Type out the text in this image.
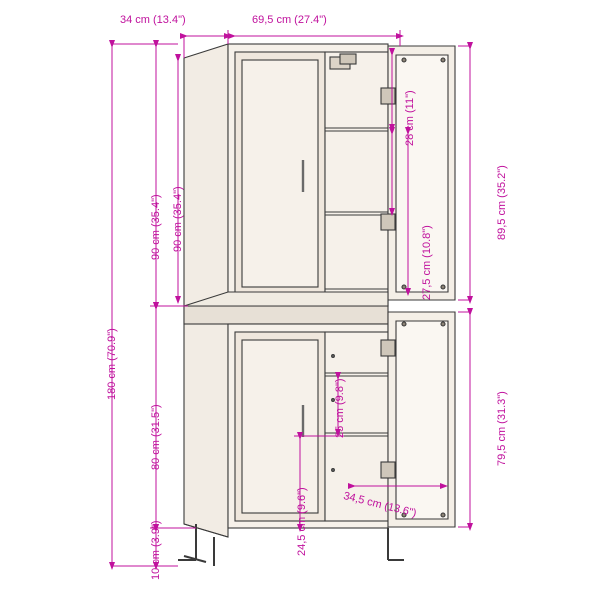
34 cm (13.4")	69,5 cm (27.4")
180 cm (70.9")
90 cm (35.4")
80 cm (31.5")
10 cm (3.9")
90 cm (35.4")	89,5 cm (35.2")
79,5 cm (31.3")
28 cm (11")
27,5 cm (10.8")
25 cm (9.8")
24,5 cm (9.6")	34,5 cm (13.6")
